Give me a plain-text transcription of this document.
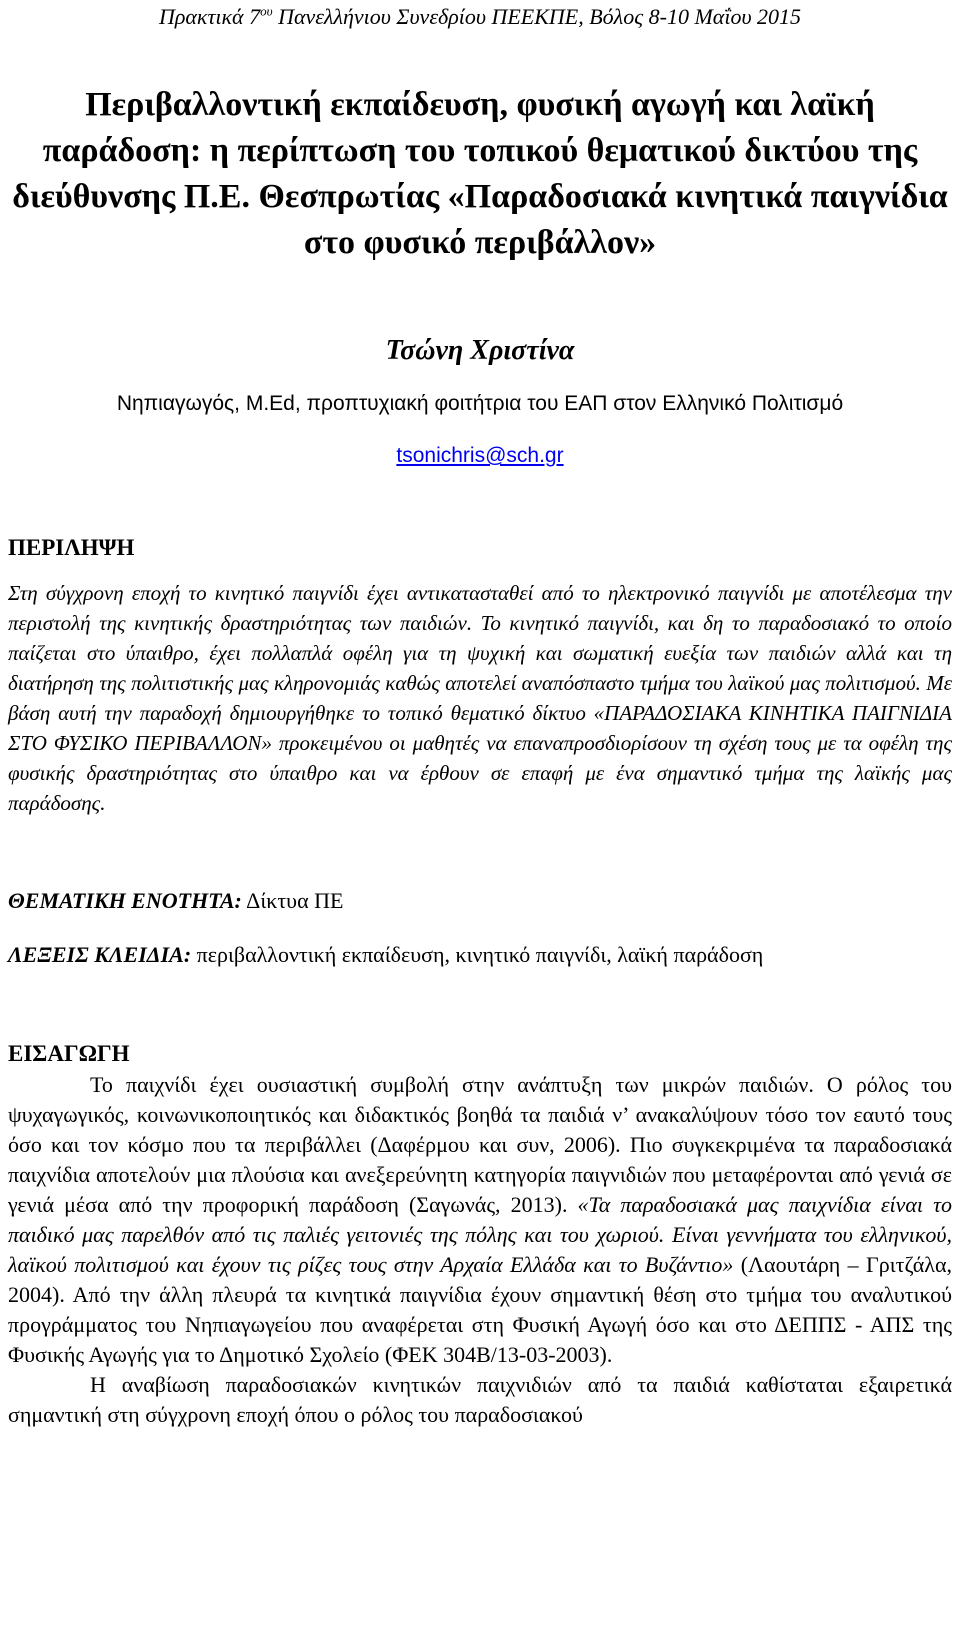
Πρακτικά $7^{o\upsilon}$ Πανελλήνιου Συνεδρίου ΠΕΕΚΠΕ, Βόλος 8-10 Μαΐου 2015
Περιβαλλοντική εκπαίδευση, φυσική αγωγή και λαϊκή παράδοση: η περίπτωση του τοπικού θεματικού δικτύου της διεύθυνσης Π.Ε. Θεσπρωτίας «Παραδοσιακά κινητικά παιγνίδια στο φυσικό περιβάλλον»
Τσώνη Χριστίνα
Νηπιαγωγός, M.Ed, προπτυχιακή φοιτήτρια του ΕΑΠ στον Ελληνικό Πολιτισμό
tsonichris@sch.gr
ΠΕΡΙΛΗΨΗ
Στη σύγχρονη εποχή το κινητικό παιγνίδι έχει αντικατασταθεί από το ηλεκτρονικό παιγνίδι με αποτέλεσμα την περιστολή της κινητικής δραστηριότητας των παιδιών. Το κινητικό παιγνίδι, και δη το παραδοσιακό το οποίο παίζεται στο ύπαιθρο, έχει πολλαπλά οφέλη για τη ψυχική και σωματική ευεξία των παιδιών αλλά και τη διατήρηση της πολιτιστικής μας κληρονομιάς καθώς αποτελεί αναπόσπαστο τμήμα του λαϊκού μας πολιτισμού. Με βάση αυτή την παραδοχή δημιουργήθηκε το τοπικό θεματικό δίκτυο «ΠΑΡΑΔΟΣΙΑΚΑ ΚΙΝΗΤΙΚΑ ΠΑΙΓΝΙΔΙΑ ΣΤΟ ΦΥΣΙΚΟ ΠΕΡΙΒΑΛΛΟΝ» προκειμένου οι μαθητές να επαναπροσδιορίσουν τη σχέση τους με τα οφέλη της φυσικής δραστηριότητας στο ύπαιθρο και να έρθουν σε επαφή με ένα σημαντικό τμήμα της λαϊκής μας παράδοσης.
ΘΕΜΑΤΙΚΗ ΕΝΟΤΗΤΑ: Δίκτυα ΠΕ
ΛΕΞΕΙΣ ΚΛΕΙΔΙΑ: περιβαλλοντική εκπαίδευση, κινητικό παιγνίδι, λαϊκή παράδοση
ΕΙΣΑΓΩΓΗ

Το παιχνίδι έχει ουσιαστική συμβολή στην ανάπτυξη των μικρών παιδιών. Ο ρόλος του ψυχαγωγικός, κοινωνικοποιητικός και διδακτικός βοηθά τα παιδιά ν’ ανακαλύψουν τόσο τον εαυτό τους όσο και τον κόσμο που τα περιβάλλει (Δαφέρμου και συν, 2006). Πιο συγκεκριμένα τα παραδοσιακά παιχνίδια αποτελούν μια πλούσια και ανεξερεύνητη κατηγορία παιγνιδιών που μεταφέρονται από γενιά σε γενιά μέσα από την προφορική παράδοση (Σαγωνάς, 2013). «Τα παραδοσιακά μας παιχνίδια είναι το παιδικό μας παρελθόν από τις παλιές γειτονιές της πόλης και του χωριού. Είναι γεννήματα του ελληνικού, λαϊκού πολιτισμού και έχουν τις ρίζες τους στην Αρχαία Ελλάδα και το Βυζάντιο» (Λαουτάρη – Γριτζάλα, 2004). Από την άλλη πλευρά τα κινητικά παιγνίδια έχουν σημαντική θέση στο τμήμα του αναλυτικού προγράμματος του Νηπιαγωγείου που αναφέρεται στη Φυσική Αγωγή όσο και στο ΔΕΠΠΣ - ΑΠΣ της Φυσικής Αγωγής για το Δημοτικό Σχολείο (ΦΕΚ 304Β/13-03-2003).

Η αναβίωση παραδοσιακών κινητικών παιχνιδιών από τα παιδιά καθίσταται εξαιρετικά σημαντική στη σύγχρονη εποχή όπου ο ρόλος του παραδοσιακού
